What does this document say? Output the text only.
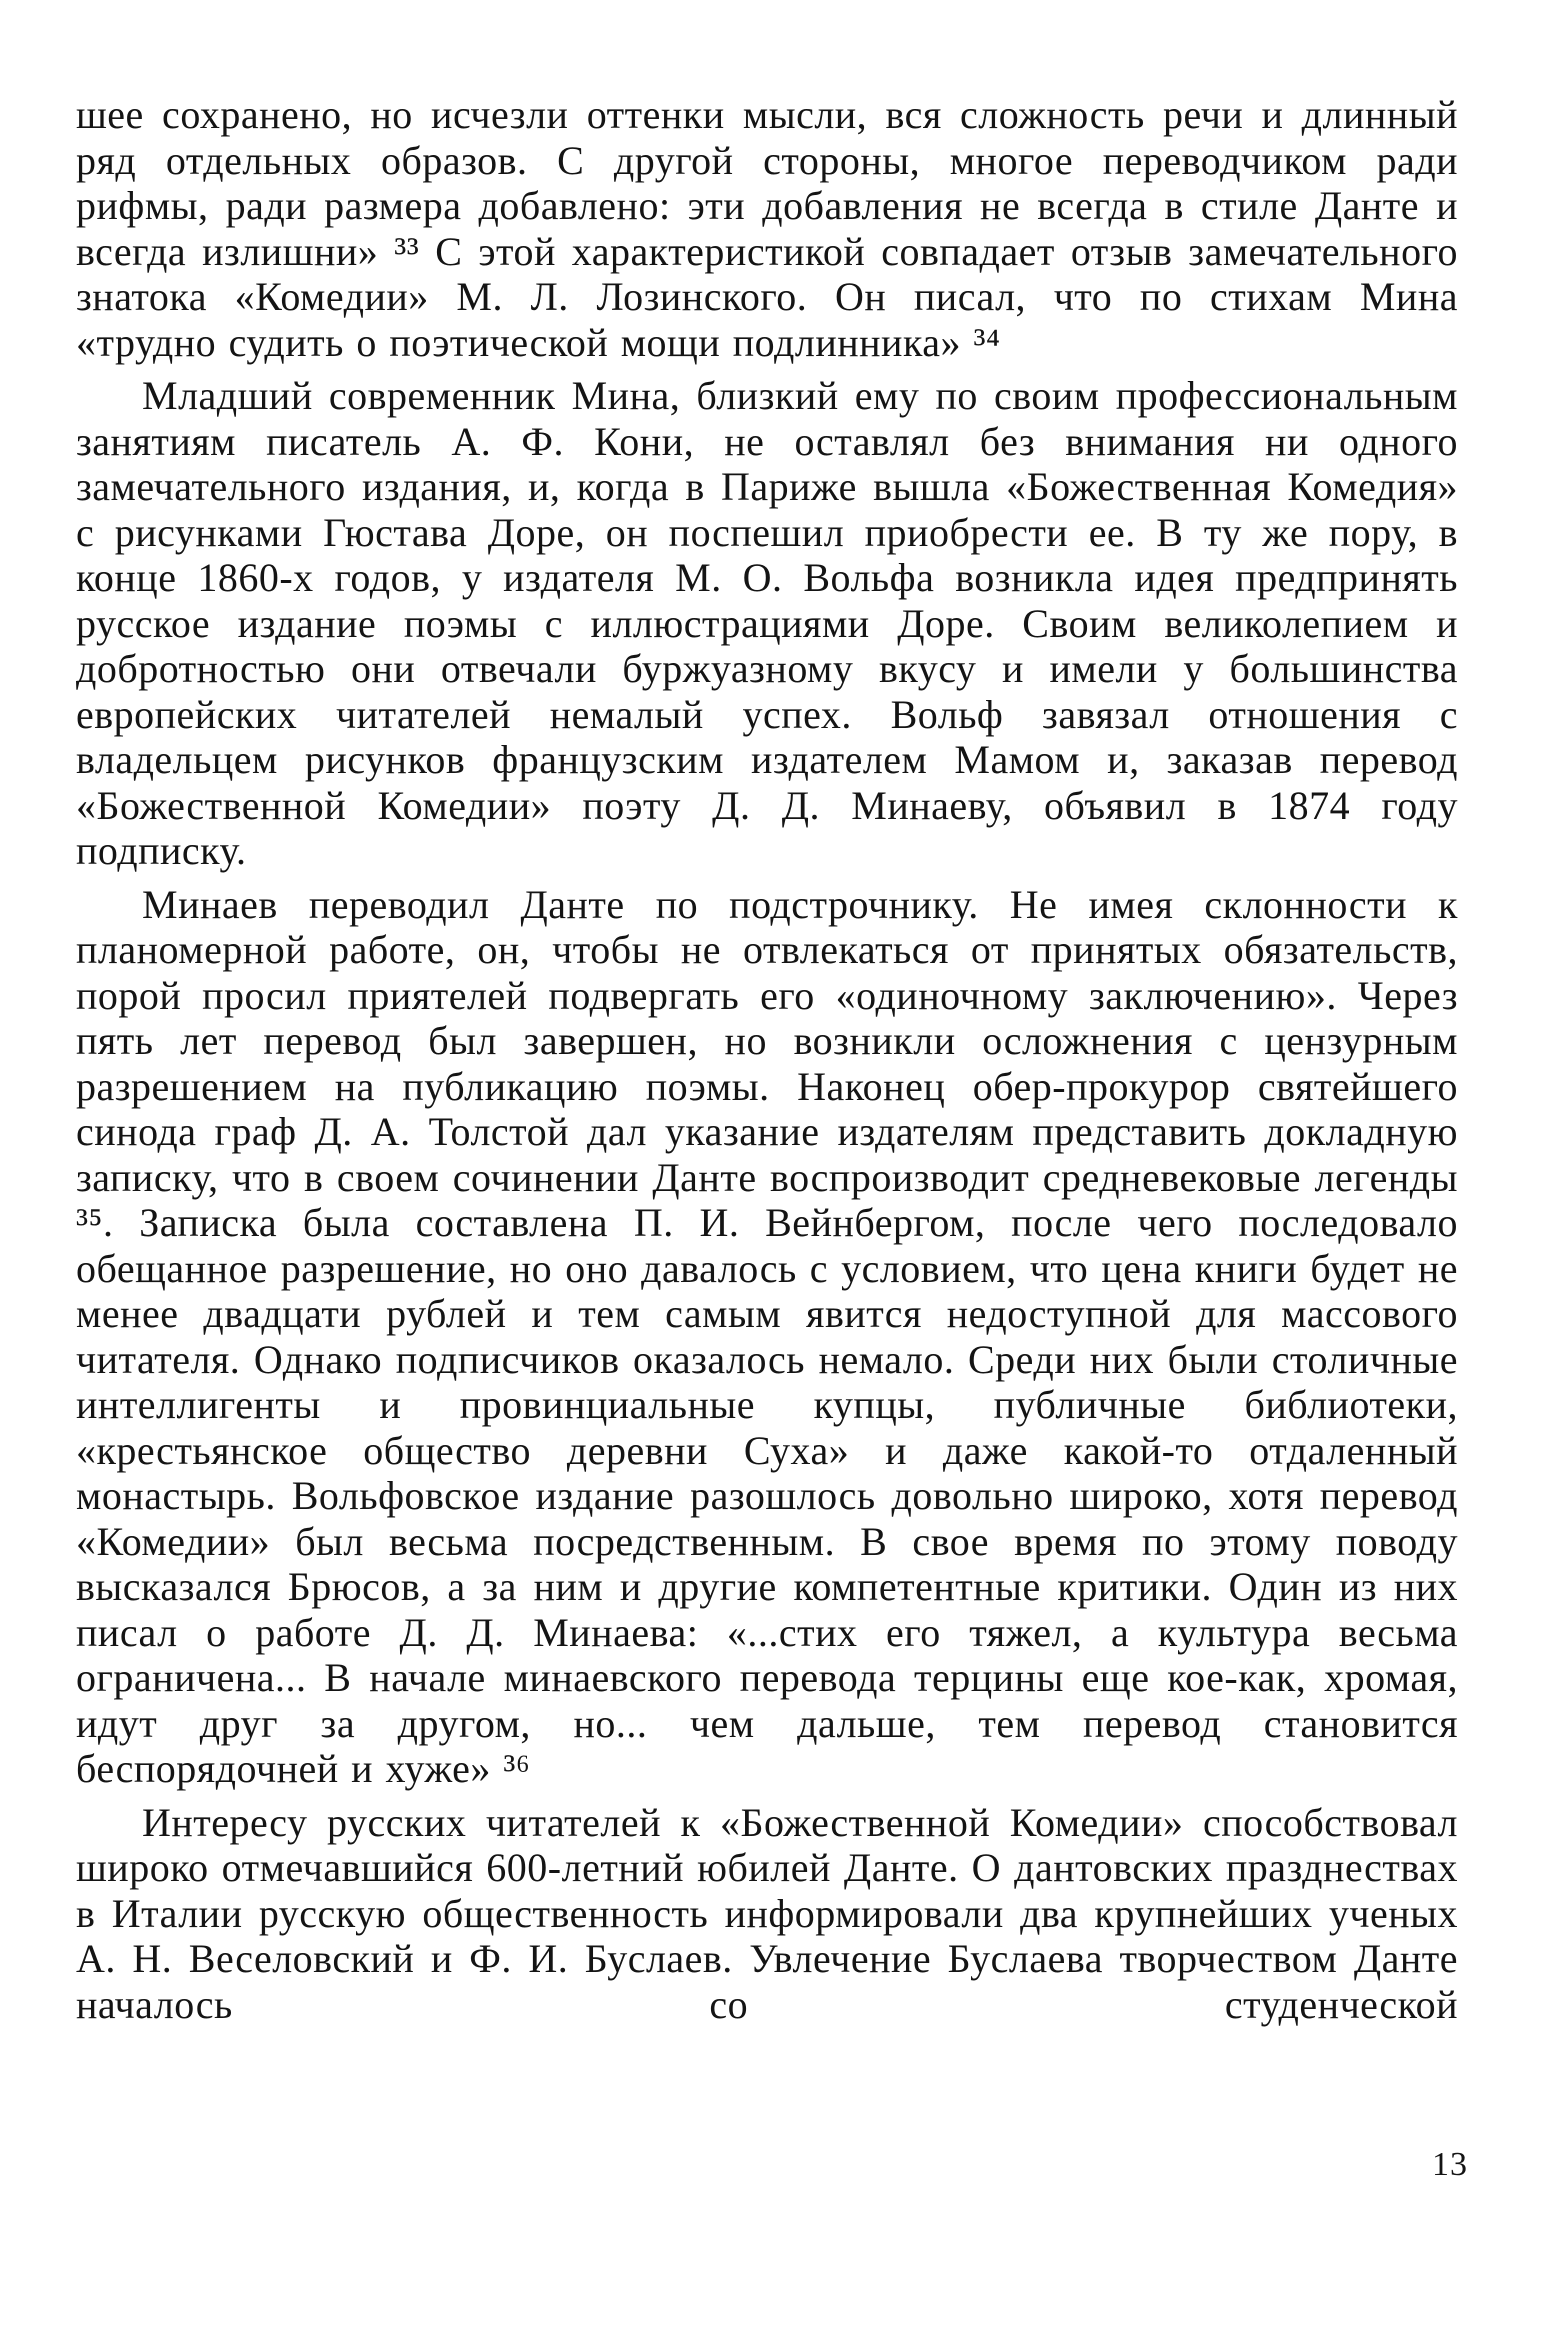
шее сохранено, но исчезли оттенки мысли, вся сложность речи и длинный ряд отдельных образов. С другой стороны, многое переводчиком ради рифмы, ради размера добавлено: эти добавления не всегда в стиле Данте и всегда излишни» ³³ С этой характеристикой совпадает отзыв замечательного знатока «Комедии» М. Л. Лозинского. Он писал, что по стихам Мина «трудно судить о поэтической мощи подлинника» ³⁴

Младший современник Мина, близкий ему по своим профессиональным занятиям писатель А. Ф. Кони, не оставлял без внимания ни одного замечательного издания, и, когда в Париже вышла «Божественная Комедия» с рисунками Гюстава Доре, он поспешил приобрести ее. В ту же пору, в конце 1860-х годов, у издателя М. О. Вольфа возникла идея предпринять русское издание поэмы с иллюстрациями Доре. Своим великолепием и добротностью они отвечали буржуазному вкусу и имели у большинства европейских читателей немалый успех. Вольф завязал отношения с владельцем рисунков французским издателем Мамом и, заказав перевод «Божественной Комедии» поэту Д. Д. Минаеву, объявил в 1874 году подписку.

Минаев переводил Данте по подстрочнику. Не имея склонности к планомерной работе, он, чтобы не отвлекаться от принятых обязательств, порой просил приятелей подвергать его «одиночному заключению». Через пять лет перевод был завершен, но возникли осложнения с цензурным разрешением на публикацию поэмы. Наконец обер-прокурор святейшего синода граф Д. А. Толстой дал указание издателям представить докладную записку, что в своем сочинении Данте воспроизводит средневековые легенды ³⁵. Записка была составлена П. И. Вейнбергом, после чего последовало обещанное разрешение, но оно давалось с условием, что цена книги будет не менее двадцати рублей и тем самым явится недоступной для массового читателя. Однако подписчиков оказалось немало. Среди них были столичные интеллигенты и провинциальные купцы, публичные библиотеки, «крестьянское общество деревни Суха» и даже какой-то отдаленный монастырь. Вольфовское издание разошлось довольно широко, хотя перевод «Комедии» был весьма посредственным. В свое время по этому поводу высказался Брюсов, а за ним и другие компетентные критики. Один из них писал о работе Д. Д. Минаева: «...стих его тяжел, а культура весьма ограничена... В начале минаевского перевода терцины еще кое-как, хромая, идут друг за другом, но... чем дальше, тем перевод становится беспорядочней и хуже» ³⁶

Интересу русских читателей к «Божественной Комедии» способствовал широко отмечавшийся 600-летний юбилей Данте. О дантовских празднествах в Италии русскую общественность информировали два крупнейших ученых А. Н. Веселовский и Ф. И. Буслаев. Увлечение Буслаева творчеством Данте началось со студенческой

13
